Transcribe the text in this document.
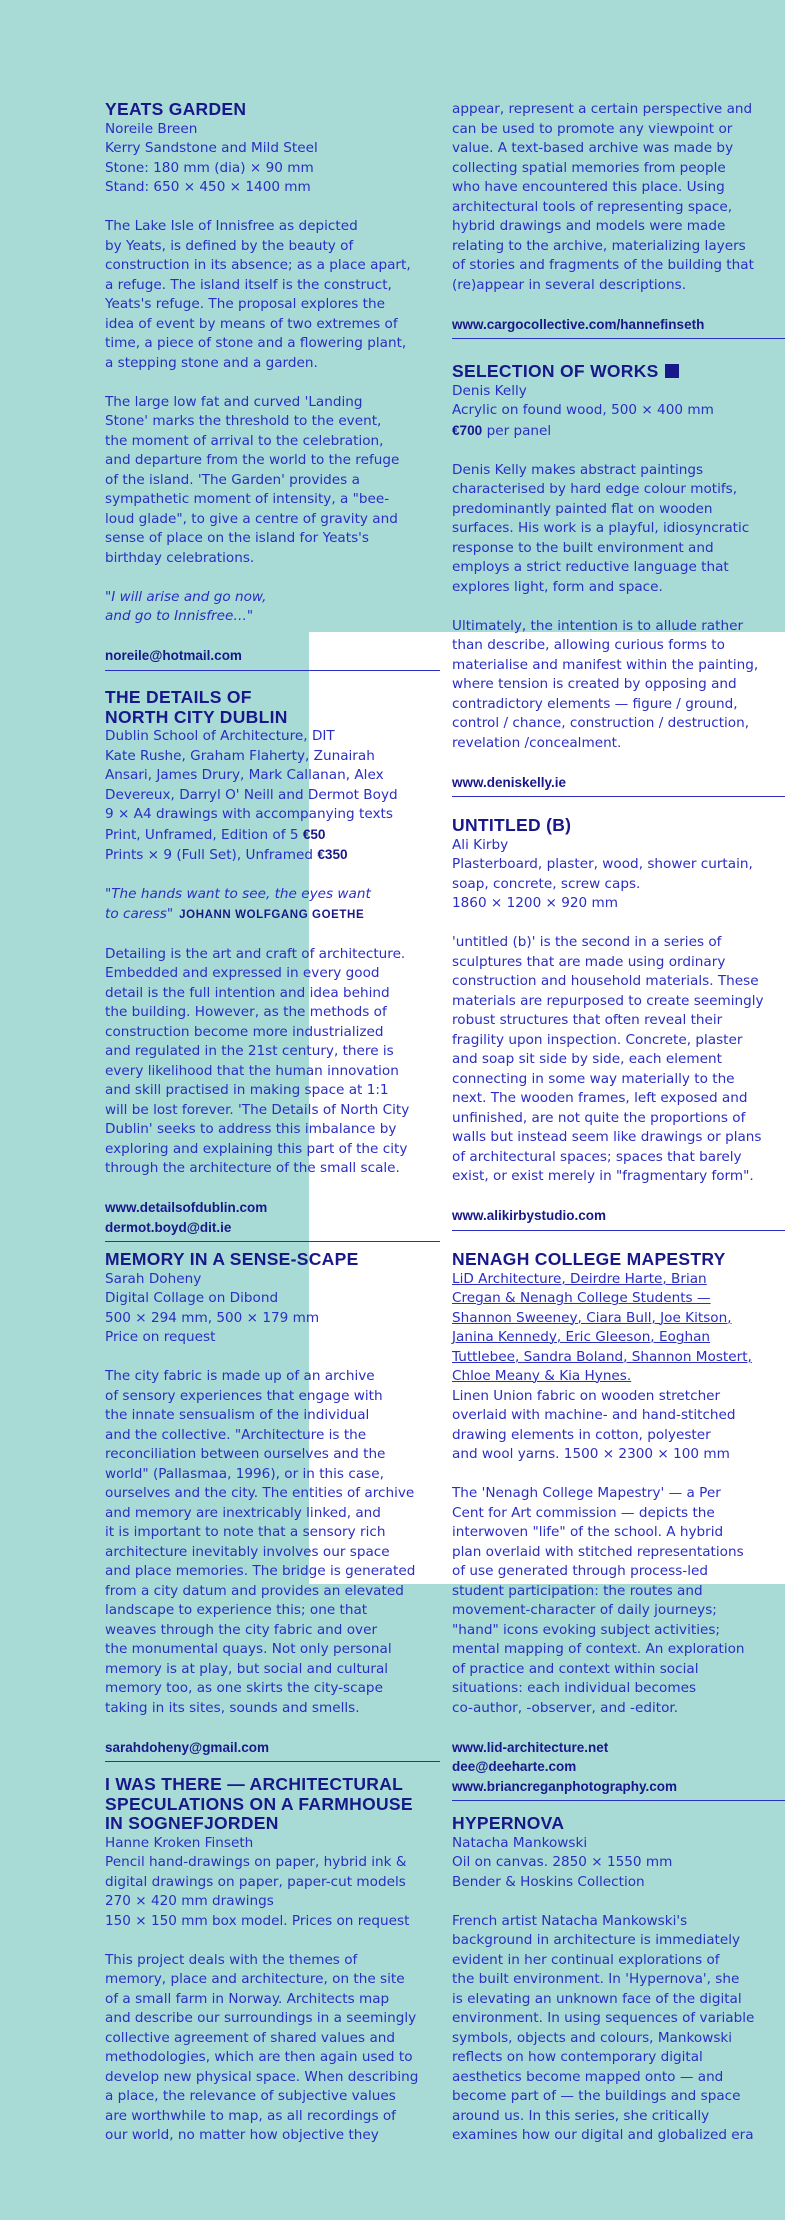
YEATS GARDEN

Noreile Breen

Kerry Sandstone and Mild Steel

Stone: 180 mm (dia) × 90 mm

Stand: 650 × 450 × 1400 mm

The Lake Isle of Innisfree as depicted
by Yeats, is defined by the beauty of
construction in its absence; as a place apart,
a refuge. The island itself is the construct,
Yeats's refuge. The proposal explores the
idea of event by means of two extremes of
time, a piece of stone and a flowering plant,
a stepping stone and a garden.
The large low fat and curved 'Landing
Stone' marks the threshold to the event,
the moment of arrival to the celebration,
and departure from the world to the refuge
of the island. 'The Garden' provides a
sympathetic moment of intensity, a "bee-
loud glade", to give a centre of gravity and
sense of place on the island for Yeats's
birthday celebrations.
"I will arise and go now,
and go to Innisfree…"
noreile@hotmail.com
THE DETAILS OF
NORTH CITY DUBLIN

Dublin School of Architecture, DIT

Kate Rushe, Graham Flaherty, Zunairah

Ansari, James Drury, Mark Callanan, Alex

Devereux, Darryl O' Neill and Dermot Boyd

9 × A4 drawings with accompanying texts

Print, Unframed, Edition of 5 €50

Prints × 9 (Full Set), Unframed €350

"The hands want to see, the eyes want
to caress" JOHANN WOLFGANG GOETHE
Detailing is the art and craft of architecture.
Embedded and expressed in every good
detail is the full intention and idea behind
the building. However, as the methods of
construction become more industrialized
and regulated in the 21st century, there is
every likelihood that the human innovation
and skill practised in making space at 1:1
will be lost forever. 'The Details of North City
Dublin' seeks to address this imbalance by
exploring and explaining this part of the city
through the architecture of the small scale.
www.detailsofdublin.com
dermot.boyd@dit.ie
MEMORY IN A SENSE-SCAPE

Sarah Doheny

Digital Collage on Dibond

500 × 294 mm, 500 × 179 mm

Price on request

The city fabric is made up of an archive
of sensory experiences that engage with
the innate sensualism of the individual
and the collective. "Architecture is the
reconciliation between ourselves and the
world" (Pallasmaa, 1996), or in this case,
ourselves and the city. The entities of archive
and memory are inextricably linked, and
it is important to note that a sensory rich
architecture inevitably involves our space
and place memories. The bridge is generated
from a city datum and provides an elevated
landscape to experience this; one that
weaves through the city fabric and over
the monumental quays. Not only personal
memory is at play, but social and cultural
memory too, as one skirts the city-scape
taking in its sites, sounds and smells.
sarahdoheny@gmail.com
I WAS THERE — ARCHITECTURAL
SPECULATIONS ON A FARMHOUSE
IN SOGNEFJORDEN

Hanne Kroken Finseth

Pencil hand-drawings on paper, hybrid ink &

digital drawings on paper, paper-cut models

270 × 420 mm drawings

150 × 150 mm box model. Prices on request

This project deals with the themes of
memory, place and architecture, on the site
of a small farm in Norway. Architects map
and describe our surroundings in a seemingly
collective agreement of shared values and
methodologies, which are then again used to
develop new physical space. When describing
a place, the relevance of subjective values
are worthwhile to map, as all recordings of
our world, no matter how objective they
appear, represent a certain perspective and
can be used to promote any viewpoint or
value. A text-based archive was made by
collecting spatial memories from people
who have encountered this place. Using
architectural tools of representing space,
hybrid drawings and models were made
relating to the archive, materializing layers
of stories and fragments of the building that
(re)appear in several descriptions.
www.cargocollective.com/hannefinseth
SELECTION OF WORKS

Denis Kelly

Acrylic on found wood, 500 × 400 mm

€700 per panel

Denis Kelly makes abstract paintings
characterised by hard edge colour motifs,
predominantly painted flat on wooden
surfaces. His work is a playful, idiosyncratic
response to the built environment and
employs a strict reductive language that
explores light, form and space.
Ultimately, the intention is to allude rather
than describe, allowing curious forms to
materialise and manifest within the painting,
where tension is created by opposing and
contradictory elements — figure / ground,
control / chance, construction / destruction,
revelation /concealment.
www.deniskelly.ie
UNTITLED (B)

Ali Kirby

Plasterboard, plaster, wood, shower curtain,

soap, concrete, screw caps.

1860 × 1200 × 920 mm

'untitled (b)' is the second in a series of
sculptures that are made using ordinary
construction and household materials. These
materials are repurposed to create seemingly
robust structures that often reveal their
fragility upon inspection. Concrete, plaster
and soap sit side by side, each element
connecting in some way materially to the
next. The wooden frames, left exposed and
unfinished, are not quite the proportions of
walls but instead seem like drawings or plans
of architectural spaces; spaces that barely
exist, or exist merely in "fragmentary form".
www.alikirbystudio.com
NENAGH COLLEGE MAPESTRY
LiD Architecture, Deirdre Harte, Brian
Cregan & Nenagh College Students —
Shannon Sweeney, Ciara Bull, Joe Kitson,
Janina Kennedy, Eric Gleeson, Eoghan
Tuttlebee, Sandra Boland, Shannon Mostert,
Chloe Meany & Kia Hynes.

Linen Union fabric on wooden stretcher

overlaid with machine- and hand-stitched

drawing elements in cotton, polyester

and wool yarns. 1500 × 2300 × 100 mm

The 'Nenagh College Mapestry' — a Per
Cent for Art commission — depicts the
interwoven "life" of the school. A hybrid
plan overlaid with stitched representations
of use generated through process-led
student participation: the routes and
movement-character of daily journeys;
"hand" icons evoking subject activities;
mental mapping of context. An exploration
of practice and context within social
situations: each individual becomes
co-author, -observer, and -editor.
www.lid-architecture.net
dee@deeharte.com
www.briancreganphotography.com
HYPERNOVA

Natacha Mankowski

Oil on canvas. 2850 × 1550 mm

Bender & Hoskins Collection

French artist Natacha Mankowski's
background in architecture is immediately
evident in her continual explorations of
the built environment. In 'Hypernova', she
is elevating an unknown face of the digital
environment. In using sequences of variable
symbols, objects and colours, Mankowski
reflects on how contemporary digital
aesthetics become mapped onto — and
become part of — the buildings and space
around us. In this series, she critically
examines how our digital and globalized era
